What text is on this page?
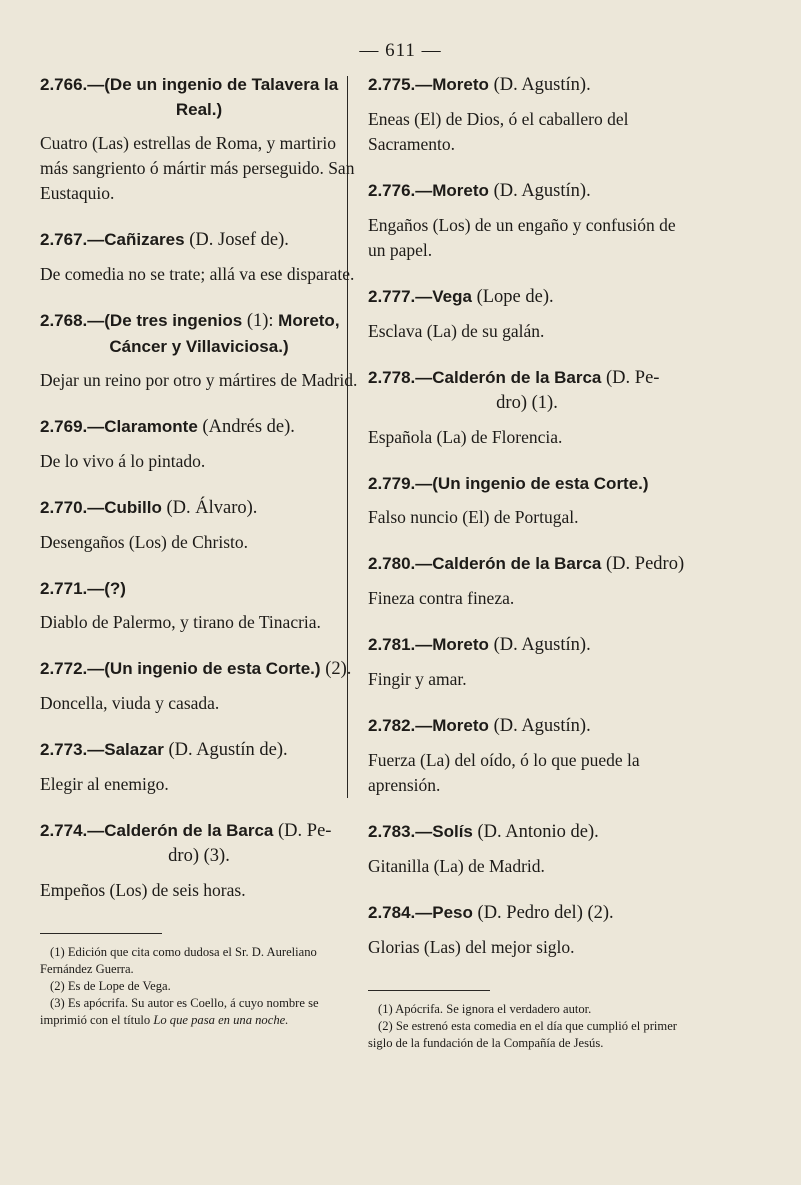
— 611 —

2.766.—(De un ingenio de Talavera la
Real.)

Cuatro (Las) estrellas de Roma, y martirio más sangriento ó mártir más perseguido. San Eustaquio.

2.767.—Cañizares (D. Josef de).

De comedia no se trate; allá va ese disparate.

2.768.—(De tres ingenios (1): Moreto,
Cáncer y Villaviciosa.)

Dejar un reino por otro y mártires de Madrid.

2.769.—Claramonte (Andrés de).

De lo vivo á lo pintado.

2.770.—Cubillo (D. Álvaro).

Desengaños (Los) de Christo.

2.771.—(?)

Diablo de Palermo, y tirano de Tinacria.

2.772.—(Un ingenio de esta Corte.) (2).

Doncella, viuda y casada.

2.773.—Salazar (D. Agustín de).

Elegir al enemigo.

2.774.—Calderón de la Barca (D. Pe-
dro) (3).

Empeños (Los) de seis horas.

(1) Edición que cita como dudosa el Sr. D. Aureliano Fernández Guerra.

(2) Es de Lope de Vega.

(3) Es apócrifa. Su autor es Coello, á cuyo nombre se imprimió con el título Lo que pasa en una noche.

2.775.—Moreto (D. Agustín).

Eneas (El) de Dios, ó el caballero del Sacramento.

2.776.—Moreto (D. Agustín).

Engaños (Los) de un engaño y confusión de un papel.

2.777.—Vega (Lope de).

Esclava (La) de su galán.

2.778.—Calderón de la Barca (D. Pe-
dro) (1).

Española (La) de Florencia.

2.779.—(Un ingenio de esta Corte.)

Falso nuncio (El) de Portugal.

2.780.—Calderón de la Barca (D. Pedro)

Fineza contra fineza.

2.781.—Moreto (D. Agustín).

Fingir y amar.

2.782.—Moreto (D. Agustín).

Fuerza (La) del oído, ó lo que puede la aprensión.

2.783.—Solís (D. Antonio de).

Gitanilla (La) de Madrid.

2.784.—Peso (D. Pedro del) (2).

Glorias (Las) del mejor siglo.

(1) Apócrifa. Se ignora el verdadero autor.

(2) Se estrenó esta comedia en el día que cumplió el primer siglo de la fundación de la Compañía de Jesús.
